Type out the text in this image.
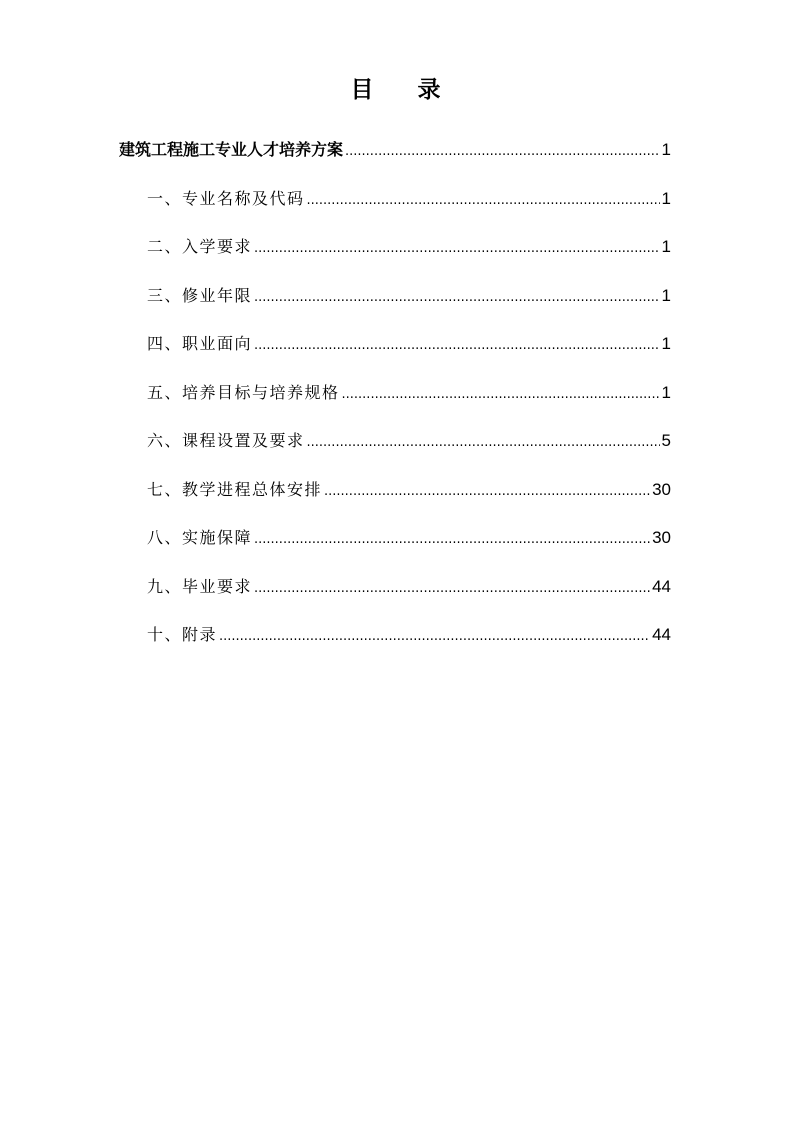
目 录
建筑工程施工专业人才培养方案 .....	1
一、专业名称及代码 .....	1
二、入学要求 .....	1
三、修业年限 .....	1
四、职业面向 .....	1
五、培养目标与培养规格 .....	1
六、课程设置及要求 .....	5
七、教学进程总体安排 .....	30
八、实施保障 .....	30
九、毕业要求 .....	44
十、附录 .....	44
